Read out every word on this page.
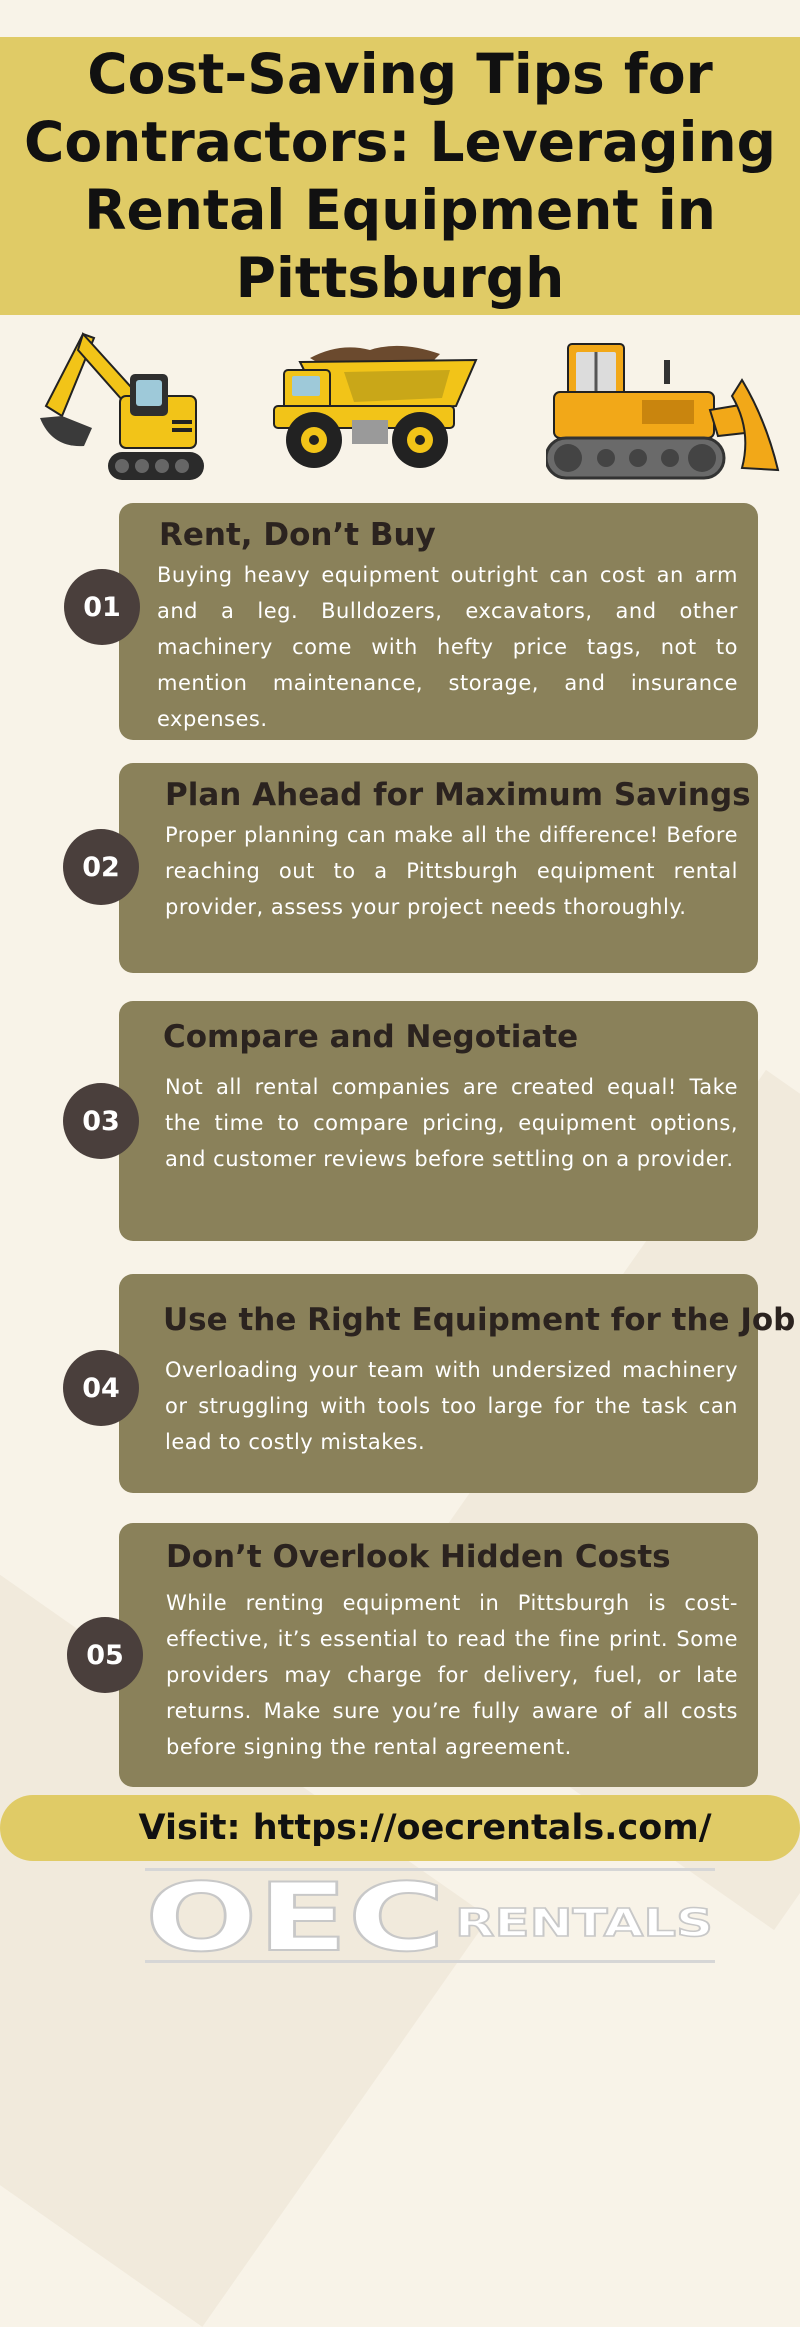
Cost-Saving Tips for Contractors: Leveraging Rental Equipment in Pittsburgh
Rent, Don’t Buy

Buying heavy equipment outright can cost an arm and a leg. Bulldozers, excavators, and other machinery come with hefty price tags, not to mention maintenance, storage, and insurance expenses.

01
Plan Ahead for Maximum Savings

Proper planning can make all the difference! Before reaching out to a Pittsburgh equipment rental provider, assess your project needs thoroughly.

02
Compare and Negotiate

Not all rental companies are created equal! Take the time to compare pricing, equipment options, and customer reviews before settling on a provider.

03
Use the Right Equipment for the Job

Overloading your team with undersized machinery or struggling with tools too large for the task can lead to costly mistakes.

04
Don’t Overlook Hidden Costs

While renting equipment in Pittsburgh is cost-effective, it’s essential to read the fine print. Some providers may charge for delivery, fuel, or late returns. Make sure you’re fully aware of all costs before signing the rental agreement.

05
Visit: https://oecrentals.com/
OEC RENTALS
